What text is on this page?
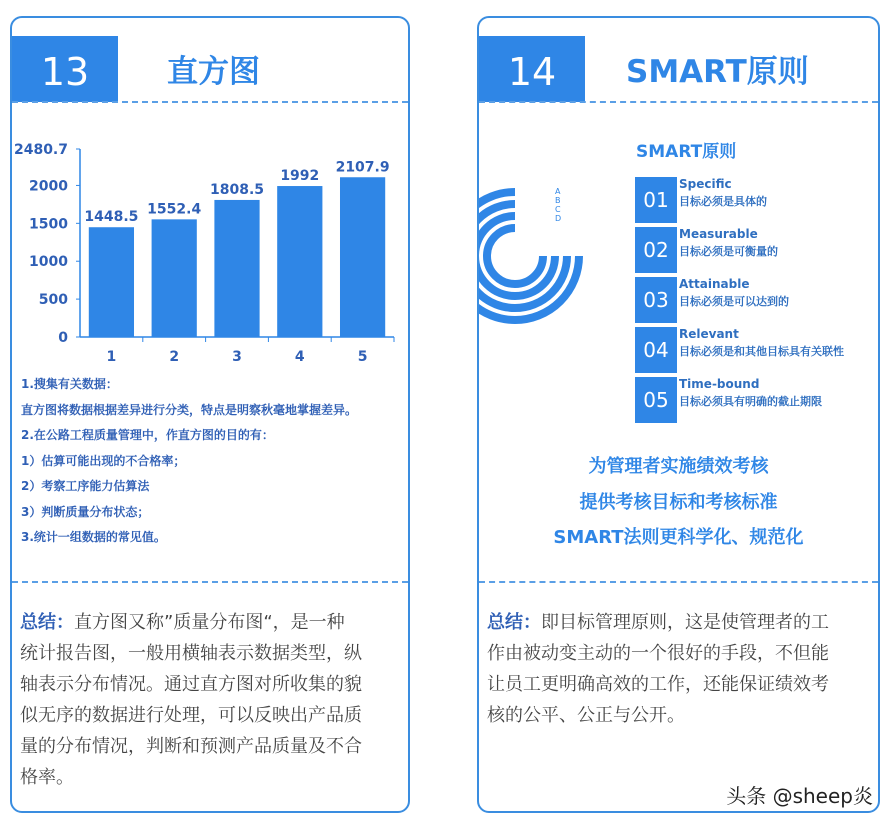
13	直方图
0
500
1000
1500
2000
2480.7
1448.5
1
1552.4
2
1808.5
3
1992
4
2107.9
5
1.搜集有关数据：
直方图将数据根据差异进行分类，特点是明察秋毫地掌握差异。
2.在公路工程质量管理中，作直方图的目的有：
1）估算可能出现的不合格率；
2）考察工序能力估算法
3）判断质量分布状态；
3.统计一组数据的常见值。
总结：直方图又称”质量分布图“，是一种
统计报告图，一般用横轴表示数据类型，纵
轴表示分布情况。通过直方图对所收集的貌
似无序的数据进行处理，可以反映出产品质
量的分布情况，判断和预测产品质量及不合
格率。
14	SMART原则
SMART原则
A
B
C
D
01
Specific
目标必须是具体的
02
Measurable
目标必须是可衡量的
03
Attainable
目标必须是可以达到的
04
Relevant
目标必须是和其他目标具有关联性
05
Time-bound
目标必须具有明确的截止期限
为管理者实施绩效考核
提供考核目标和考核标准
SMART法则更科学化、规范化
总结：即目标管理原则，这是使管理者的工
作由被动变主动的一个很好的手段，不但能
让员工更明确高效的工作，还能保证绩效考
核的公平、公正与公开。
头条 @sheep炎
